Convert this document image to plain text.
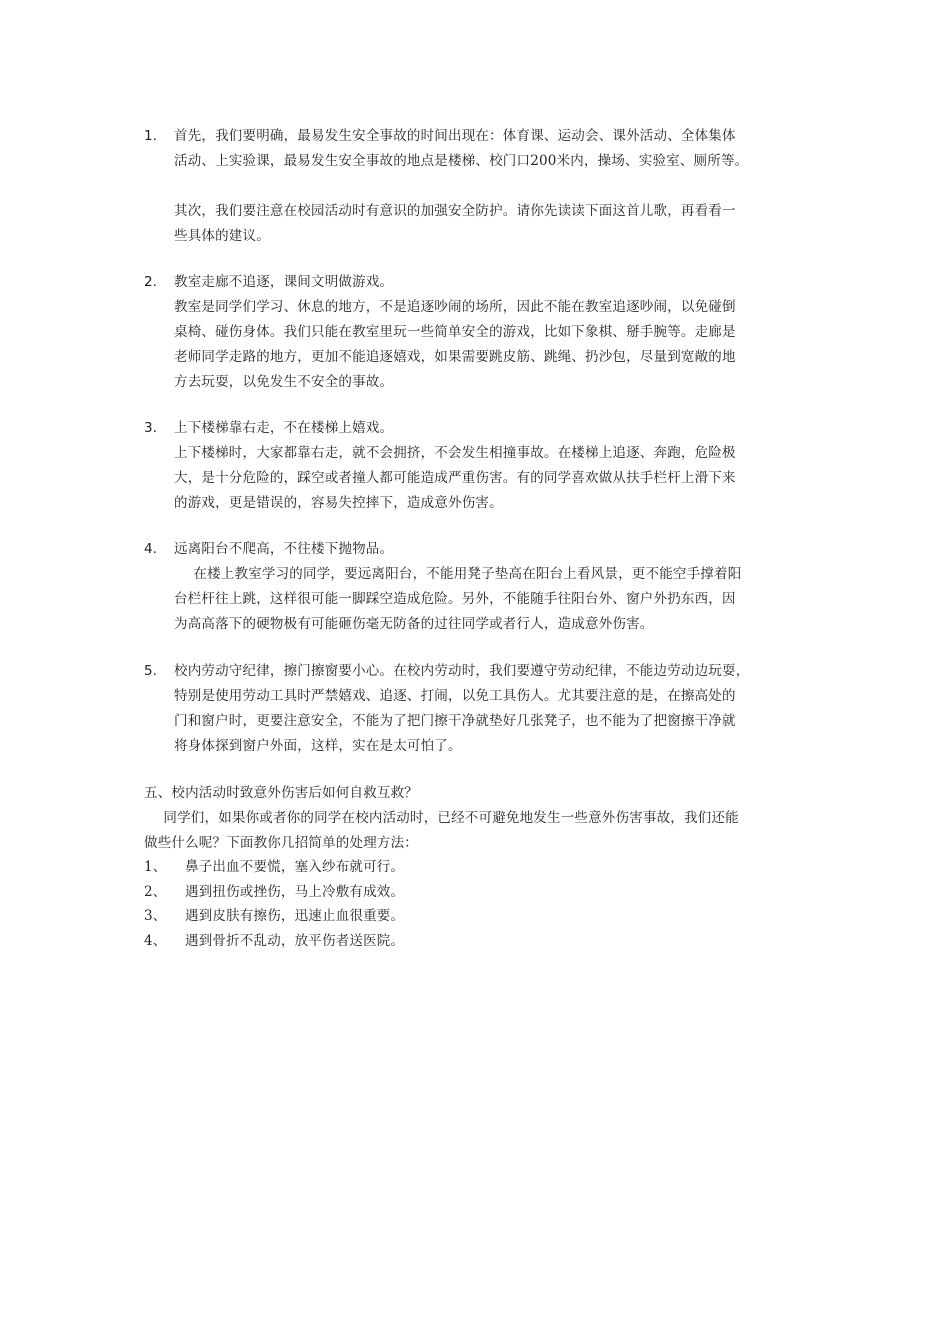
1. 首先，我们要明确，最易发生安全事故的时间出现在：体育课、运动会、课外活动、全体集体
活动、上实验课，最易发生安全事故的地点是楼梯、校门口200米内，操场、实验室、厕所等。
其次，我们要注意在校园活动时有意识的加强安全防护。请你先读读下面这首儿歌，再看看一
些具体的建议。
2. 教室走廊不追逐，课间文明做游戏。
教室是同学们学习、休息的地方，不是追逐吵闹的场所，因此不能在教室追逐吵闹，以免碰倒
桌椅、碰伤身体。我们只能在教室里玩一些简单安全的游戏，比如下象棋、掰手腕等。走廊是
老师同学走路的地方，更加不能追逐嬉戏，如果需要跳皮筋、跳绳、扔沙包，尽量到宽敞的地
方去玩耍，以免发生不安全的事故。
3. 上下楼梯靠右走，不在楼梯上嬉戏。
上下楼梯时，大家都靠右走，就不会拥挤，不会发生相撞事故。在楼梯上追逐、奔跑，危险极
大，是十分危险的，踩空或者撞人都可能造成严重伤害。有的同学喜欢做从扶手栏杆上滑下来
的游戏，更是错误的，容易失控摔下，造成意外伤害。
4. 远离阳台不爬高，不往楼下抛物品。
　　在楼上教室学习的同学，要远离阳台，不能用凳子垫高在阳台上看风景，更不能空手撑着阳
台栏杆往上跳，这样很可能一脚踩空造成危险。另外，不能随手往阳台外、窗户外扔东西，因
为高高落下的硬物极有可能砸伤毫无防备的过往同学或者行人，造成意外伤害。
5. 校内劳动守纪律，擦门擦窗要小心。在校内劳动时，我们要遵守劳动纪律，不能边劳动边玩耍，
特别是使用劳动工具时严禁嬉戏、追逐、打闹，以免工具伤人。尤其要注意的是，在擦高处的
门和窗户时，更要注意安全，不能为了把门擦干净就垫好几张凳子，也不能为了把窗擦干净就
将身体探到窗户外面，这样，实在是太可怕了。
五、校内活动时致意外伤害后如何自救互救？
　　同学们，如果你或者你的同学在校内活动时，已经不可避免地发生一些意外伤害事故，我们还能
做些什么呢？下面教你几招简单的处理方法：
1、 鼻子出血不要慌，塞入纱布就可行。
2、 遇到扭伤或挫伤，马上冷敷有成效。
3、 遇到皮肤有擦伤，迅速止血很重要。
4、 遇到骨折不乱动，放平伤者送医院。
